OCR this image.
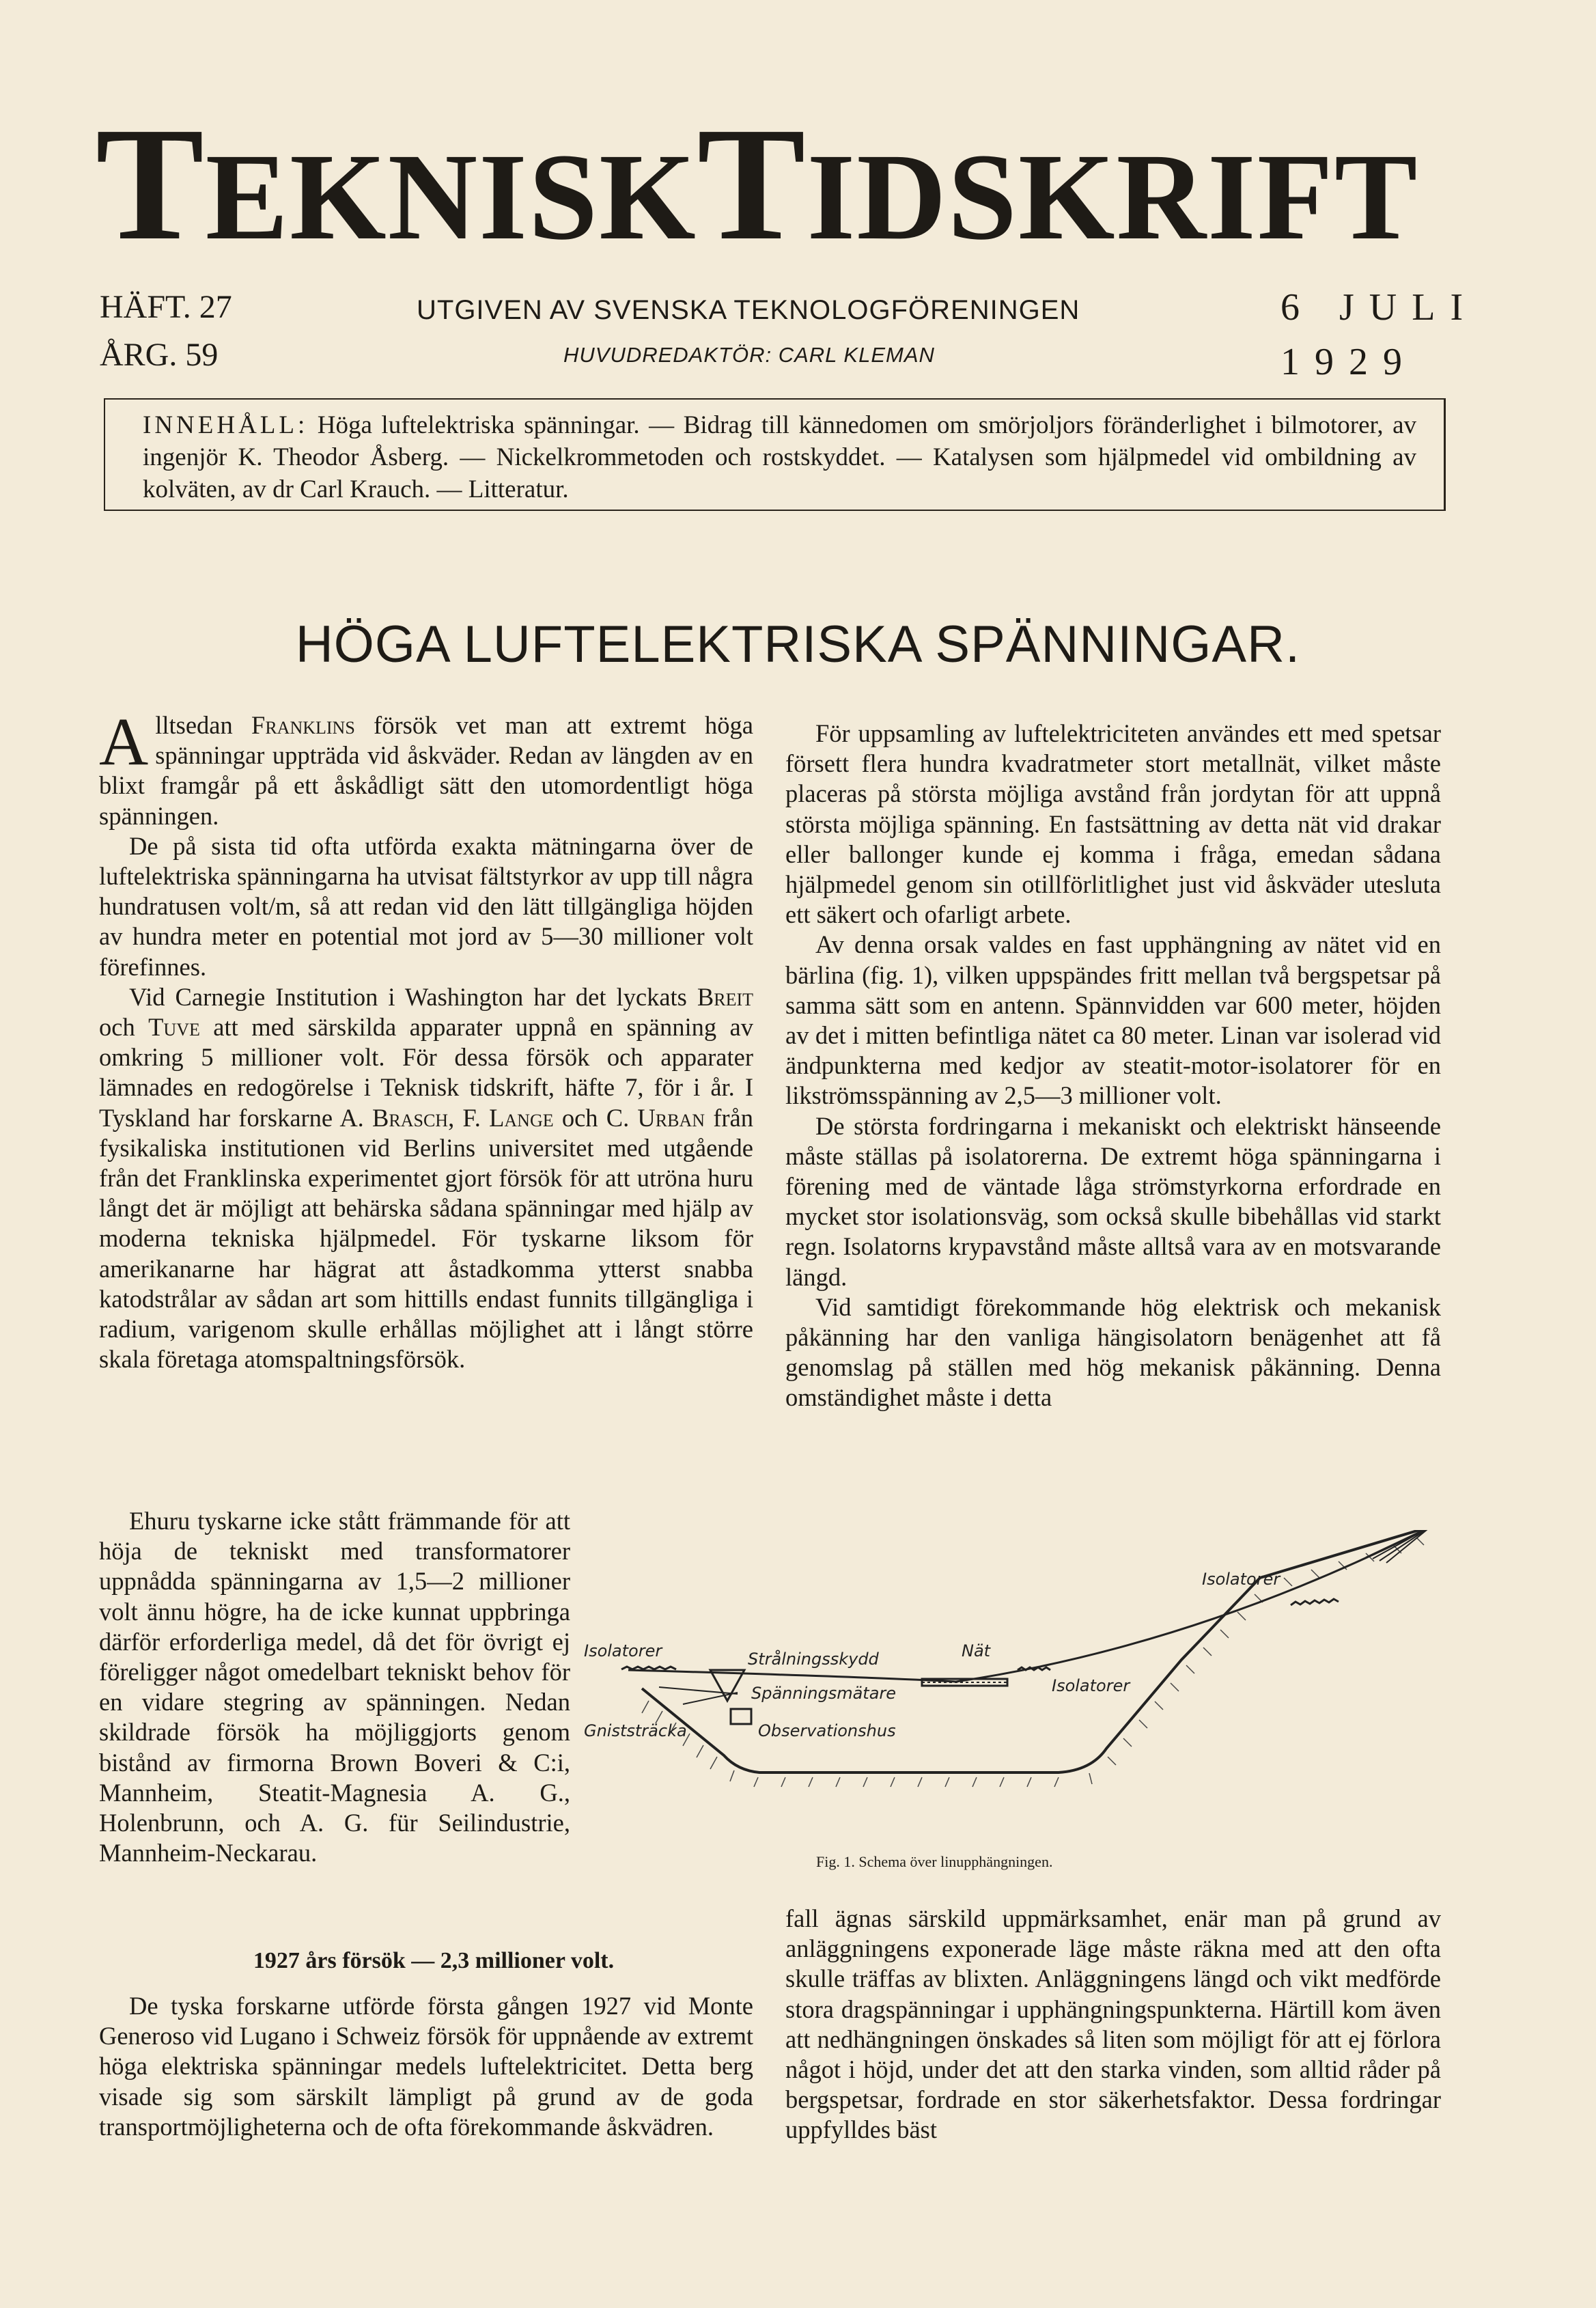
TEKNISKTIDSKRIFT
HÄFT. 27
ÅRG. 59
UTGIVEN AV SVENSKA TEKNOLOGFÖRENINGEN
HUVUDREDAKTÖR: CARL KLEMAN
6 JULI
1929
INNEHÅLL: Höga luftelektriska spänningar. — Bidrag till kännedomen om smörjoljors föränderlighet i bilmotorer, av ingenjör K. Theodor Åsberg. — Nickelkrommetoden och rostskyddet. — Katalysen som hjälpmedel vid ombildning av kolväten, av dr Carl Krauch. — Litteratur.
HÖGA LUFTELEKTRISKA SPÄNNINGAR.

Alltsedan Franklins försök vet man att extremt höga spänningar uppträda vid åskväder. Redan av längden av en blixt framgår på ett åskådligt sätt den utomordentligt höga spänningen.

De på sista tid ofta utförda exakta mätningarna över de luftelektriska spänningarna ha utvisat fältstyrkor av upp till några hundratusen volt/m, så att redan vid den lätt tillgängliga höjden av hundra meter en potential mot jord av 5—30 millioner volt förefinnes.

Vid Carnegie Institution i Washington har det lyckats Breit och Tuve att med särskilda apparater uppnå en spänning av omkring 5 millioner volt. För dessa försök och apparater lämnades en redogörelse i Teknisk tidskrift, häfte 7, för i år. I Tyskland har forskarne A. Brasch, F. Lange och C. Urban från fysikaliska institutionen vid Berlins universitet med utgående från det Franklinska experimentet gjort försök för att utröna huru långt det är möjligt att behärska sådana spänningar med hjälp av moderna tekniska hjälpmedel. För tyskarne liksom för amerikanarne har hägrat att åstadkomma ytterst snabba katodstrålar av sådan art som hittills endast funnits tillgängliga i radium, varigenom skulle erhållas möjlighet att i långt större skala företaga atomspaltningsförsök.

Ehuru tyskarne icke stått främmande för att höja de tekniskt med transformatorer uppnådda spänningarna av 1,5—2 millioner volt ännu högre, ha de icke kunnat uppbringa därför erforderliga medel, då det för övrigt ej föreligger något omedelbart tekniskt behov för en vidare stegring av spänningen. Nedan skildrade försök ha möjliggjorts genom bistånd av firmorna Brown Boveri & C:i, Mannheim, Steatit-Magnesia A. G., Holenbrunn, och A. G. für Seilindustrie, Mannheim-Neckarau.

1927 års försök — 2,3 millioner volt.

De tyska forskarne utförde första gången 1927 vid Monte Generoso vid Lugano i Schweiz försök för uppnående av extremt höga elektriska spänningar medels luftelektricitet. Detta berg visade sig som särskilt lämpligt på grund av de goda transportmöjligheterna och de ofta förekommande åskvädren.

För uppsamling av luftelektriciteten användes ett med spetsar försett flera hundra kvadratmeter stort metallnät, vilket måste placeras på största möjliga avstånd från jordytan för att uppnå största möjliga spänning. En fastsättning av detta nät vid drakar eller ballonger kunde ej komma i fråga, emedan sådana hjälpmedel genom sin otillförlitlighet just vid åskväder utesluta ett säkert och ofarligt arbete.

Av denna orsak valdes en fast upphängning av nätet vid en bärlina (fig. 1), vilken uppspändes fritt mellan två bergspetsar på samma sätt som en antenn. Spännvidden var 600 meter, höjden av det i mitten befintliga nätet ca 80 meter. Linan var isolerad vid ändpunkterna med kedjor av steatit-motor-isolatorer för en likströmsspänning av 2,5—3 millioner volt.

De största fordringarna i mekaniskt och elektriskt hänseende måste ställas på isolatorerna. De extremt höga spänningarna i förening med de väntade låga strömstyrkorna erfordrade en mycket stor isolationsväg, som också skulle bibehållas vid starkt regn. Isolatorns krypavstånd måste alltså vara av en motsvarande längd.

Vid samtidigt förekommande hög elektrisk och mekanisk påkänning har den vanliga hängisolatorn benägenhet att få genomslag på ställen med hög mekanisk påkänning. Denna omständighet måste i detta

fall ägnas särskild uppmärksamhet, enär man på grund av anläggningens exponerade läge måste räkna med att den ofta skulle träffas av blixten. Anläggningens längd och vikt medförde stora dragspänningar i upphängningspunkterna. Härtill kom även att nedhängningen önskades så liten som möjligt för att ej förlora något i höjd, under det att den starka vinden, som alltid råder på bergspetsar, fordrade en stor säkerhetsfaktor. Dessa fordringar uppfylldes bäst

Isolatorer	Strålningsskydd
Spänningsmätare
Gniststräcka	Observationshus
Nät
Isolatorer
Isolatorer
Fig. 1. Schema över linupphängningen.
